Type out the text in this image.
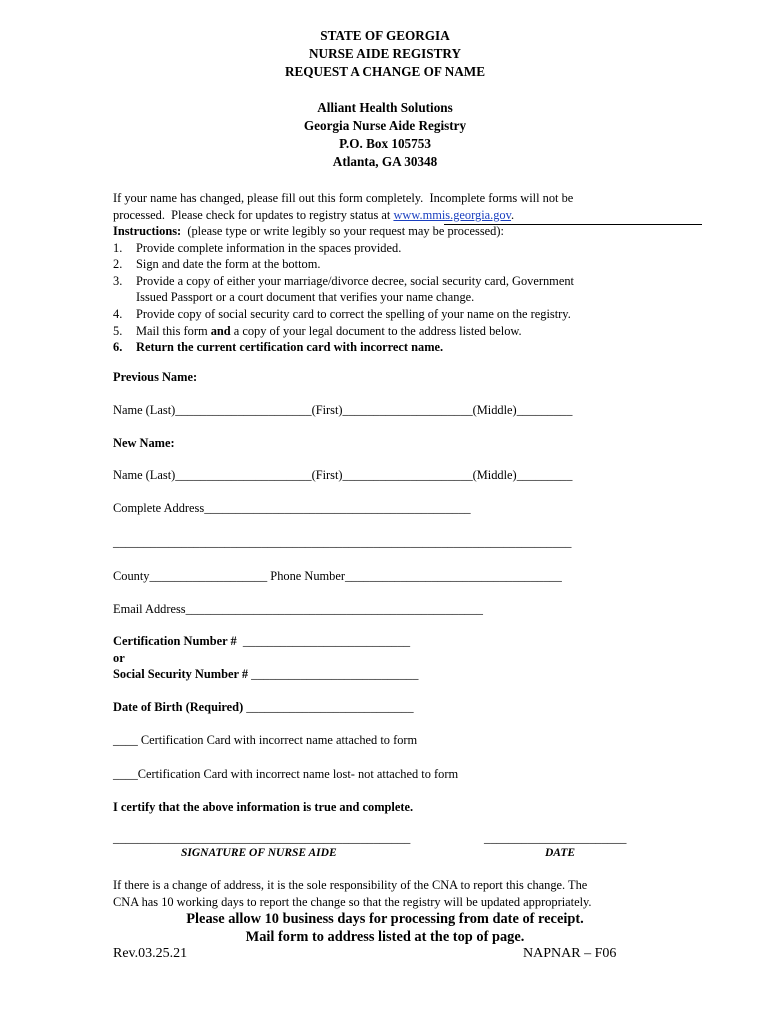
STATE OF GEORGIA
NURSE AIDE REGISTRY
REQUEST A CHANGE OF NAME
Alliant Health Solutions
Georgia Nurse Aide Registry
P.O. Box 105753
Atlanta, GA 30348
If your name has changed, please fill out this form completely.  Incomplete forms will not be
processed.  Please check for updates to registry status at www.mmis.georgia.gov.
Instructions:  (please type or write legibly so your request may be processed):
1.	Provide complete information in the spaces provided.
2.	Sign and date the form at the bottom.
3.	Provide a copy of either your marriage/divorce decree, social security card, Government
Issued Passport or a court document that verifies your name change.
4.	Provide copy of social security card to correct the spelling of your name on the registry.
5.	Mail this form and a copy of your legal document to the address listed below.
6.	Return the current certification card with incorrect name.
Previous Name:
Name (Last)______________________(First)_____________________(Middle)_________
New Name:
Name (Last)______________________(First)_____________________(Middle)_________
Complete Address___________________________________________
__________________________________________________________________________
County___________________ Phone Number___________________________________
Email Address________________________________________________
Certification Number #  ___________________________
or
Social Security Number # ___________________________
Date of Birth (Required) ___________________________
____ Certification Card with incorrect name attached to form
____Certification Card with incorrect name lost- not attached to form
I certify that the above information is true and complete.
________________________________________________	_______________________
SIGNATURE OF NURSE AIDE	DATE
If there is a change of address, it is the sole responsibility of the CNA to report this change. The
CNA has 10 working days to report the change so that the registry will be updated appropriately.
Please allow 10 business days for processing from date of receipt.
Mail form to address listed at the top of page.
Rev.03.25.21	NAPNAR – F06
